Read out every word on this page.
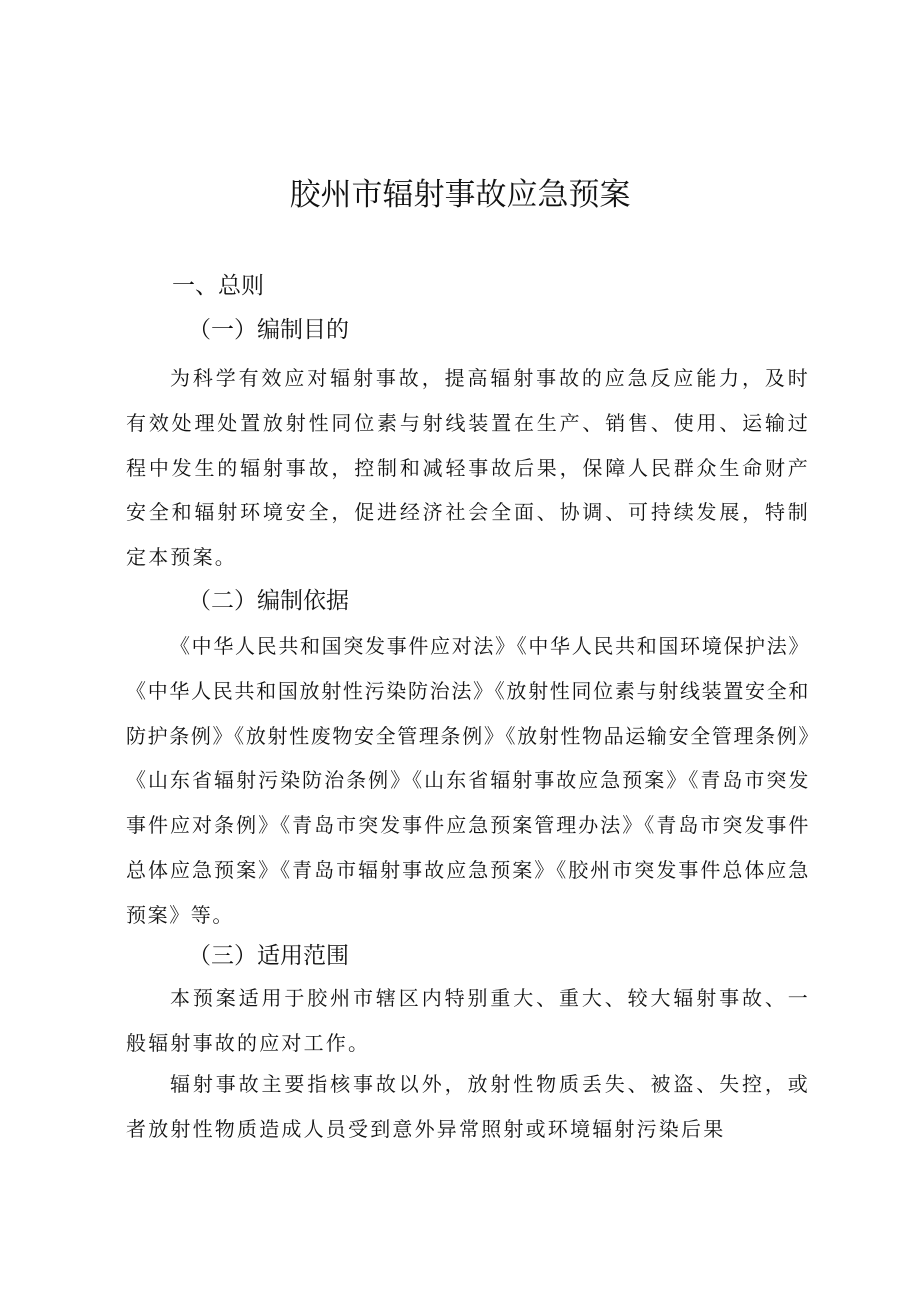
胶州市辐射事故应急预案
一、总则
（一）编制目的

为科学有效应对辐射事故，提高辐射事故的应急反应能力，及时有效处理处置放射性同位素与射线装置在生产、销售、使用、运输过程中发生的辐射事故，控制和减轻事故后果，保障人民群众生命财产安全和辐射环境安全，促进经济社会全面、协调、可持续发展，特制定本预案。

（二）编制依据

《中华人民共和国突发事件应对法》《中华人民共和国环境保护法》《中华人民共和国放射性污染防治法》《放射性同位素与射线装置安全和防护条例》《放射性废物安全管理条例》《放射性物品运输安全管理条例》《山东省辐射污染防治条例》《山东省辐射事故应急预案》《青岛市突发事件应对条例》《青岛市突发事件应急预案管理办法》《青岛市突发事件总体应急预案》《青岛市辐射事故应急预案》《胶州市突发事件总体应急预案》等。

（三）适用范围

本预案适用于胶州市辖区内特别重大、重大、较大辐射事故、一般辐射事故的应对工作。

辐射事故主要指核事故以外，放射性物质丢失、被盗、失控，或者放射性物质造成人员受到意外异常照射或环境辐射污染后果
